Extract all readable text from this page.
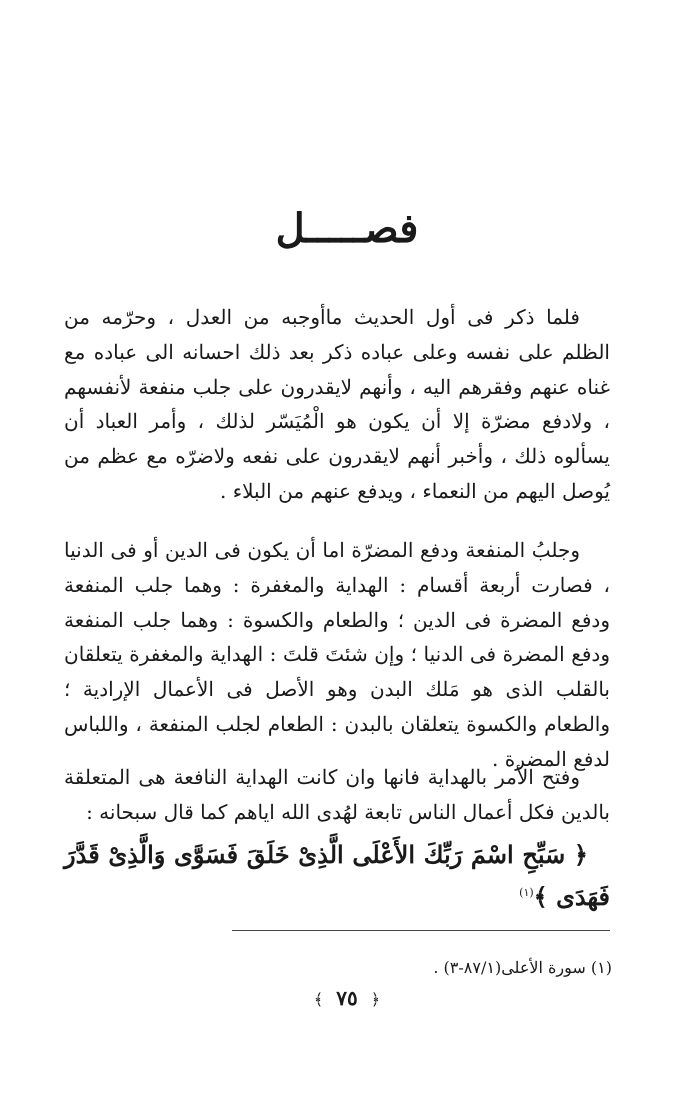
فصـــــل

فلما ذكر فى أول الحديث ماأوجبه من العدل ، وحرّمه من الظلم على نفسه وعلى عباده ذكر بعد ذلك احسانه الى عباده مع غناه عنهم وفقرهم اليه ، وأنهم لايقدرون على جلب منفعة لأنفسهم ، ولادفع مضرّة إلا أن يكون هو الْمُيَسّر لذلك ، وأمر العباد أن يسألوه ذلك ، وأخبر أنهم لايقدرون على نفعه ولاضرّه مع عظم من يُوصل اليهم من النعماء ، ويدفع عنهم من البلاء .

وجلبُ المنفعة ودفع المضرّة اما أن يكون فى الدين أو فى الدنيا ، فصارت أربعة أقسام : الهداية والمغفرة : وهما جلب المنفعة ودفع المضرة فى الدين ؛ والطعام والكسوة : وهما جلب المنفعة ودفع المضرة فى الدنيا ؛ وإن شئتَ قلتَ : الهداية والمغفرة يتعلقان بالقلب الذى هو مَلك البدن وهو الأصل فى الأعمال الإرادية ؛ والطعام والكسوة يتعلقان بالبدن : الطعام لجلب المنفعة ، واللباس لدفع المضرة .

وفتح الأمر بالهداية فانها وان كانت الهداية النافعة هى المتعلقة بالدين فكل أعمال الناس تابعة لهُدى الله اياهم كما قال سبحانه :
﴿ سَبِّحِ اسْمَ رَبِّكَ الأَعْلَى الَّذِىْ خَلَقَ فَسَوَّى وَالَّذِىْ قَدَّرَ فَهَدَى ﴾$^{(١)}$
(١) سورة الأعلى(٨٧/١-٣) .
﴿ ٧٥ ﴾
